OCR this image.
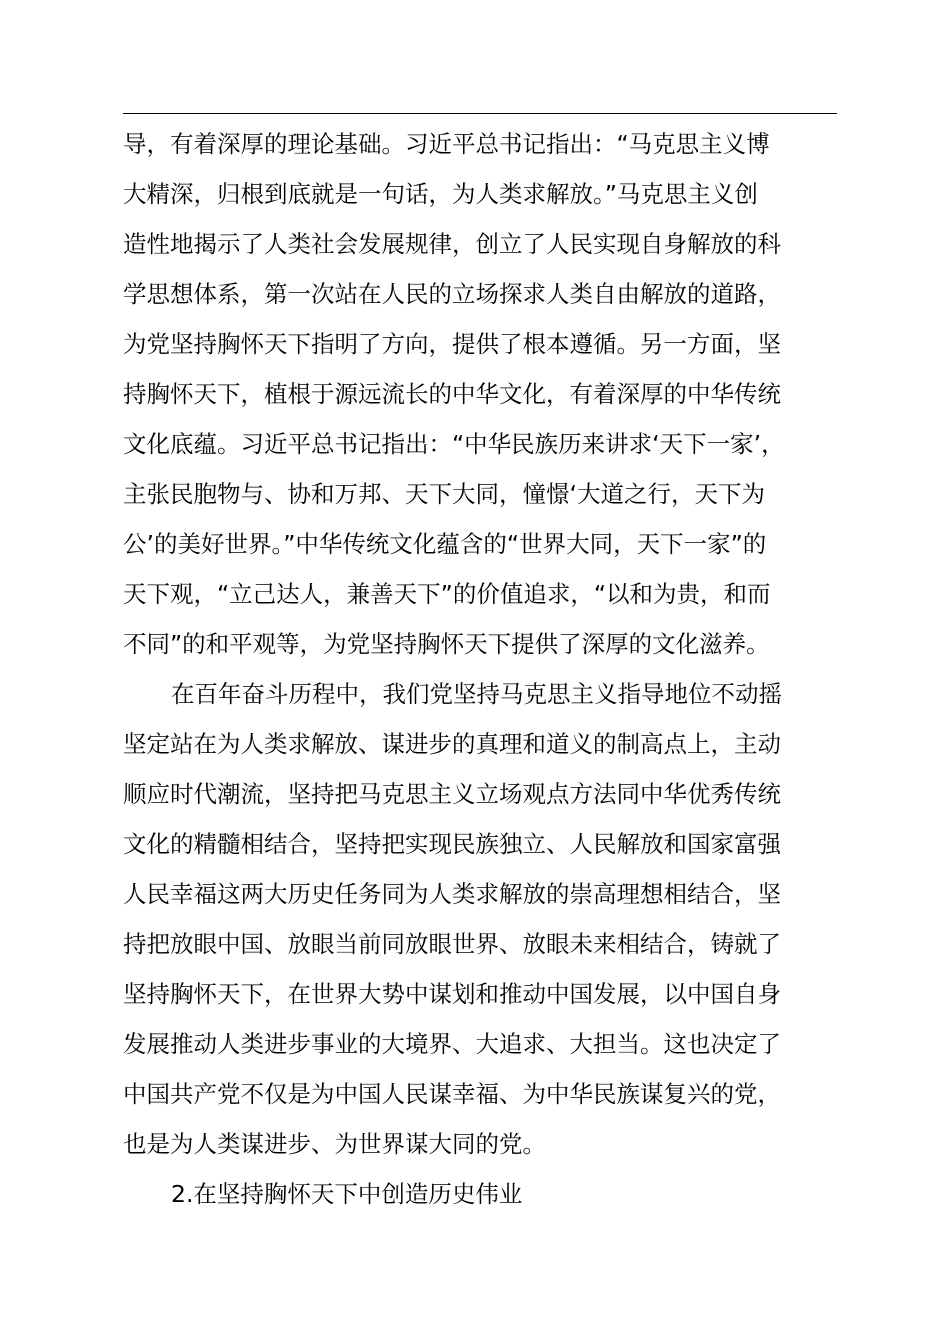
导，有着深厚的理论基础。习近平总书记指出：“马克思主义博
大精深，归根到底就是一句话，为人类求解放。”马克思主义创
造性地揭示了人类社会发展规律，创立了人民实现自身解放的科
学思想体系，第一次站在人民的立场探求人类自由解放的道路，
为党坚持胸怀天下指明了方向，提供了根本遵循。另一方面，坚
持胸怀天下，植根于源远流长的中华文化，有着深厚的中华传统
文化底蕴。习近平总书记指出：“中华民族历来讲求‘天下一家’，
主张民胞物与、协和万邦、天下大同，憧憬‘大道之行，天下为
公’的美好世界。”中华传统文化蕴含的“世界大同，天下一家”的
天下观，“立己达人，兼善天下”的价值追求，“以和为贵，和而
不同”的和平观等，为党坚持胸怀天下提供了深厚的文化滋养。
在百年奋斗历程中，我们党坚持马克思主义指导地位不动摇
坚定站在为人类求解放、谋进步的真理和道义的制高点上，主动
顺应时代潮流，坚持把马克思主义立场观点方法同中华优秀传统
文化的精髓相结合，坚持把实现民族独立、人民解放和国家富强
人民幸福这两大历史任务同为人类求解放的崇高理想相结合，坚
持把放眼中国、放眼当前同放眼世界、放眼未来相结合，铸就了
坚持胸怀天下，在世界大势中谋划和推动中国发展，以中国自身
发展推动人类进步事业的大境界、大追求、大担当。这也决定了
中国共产党不仅是为中国人民谋幸福、为中华民族谋复兴的党，
也是为人类谋进步、为世界谋大同的党。
2.在坚持胸怀天下中创造历史伟业
